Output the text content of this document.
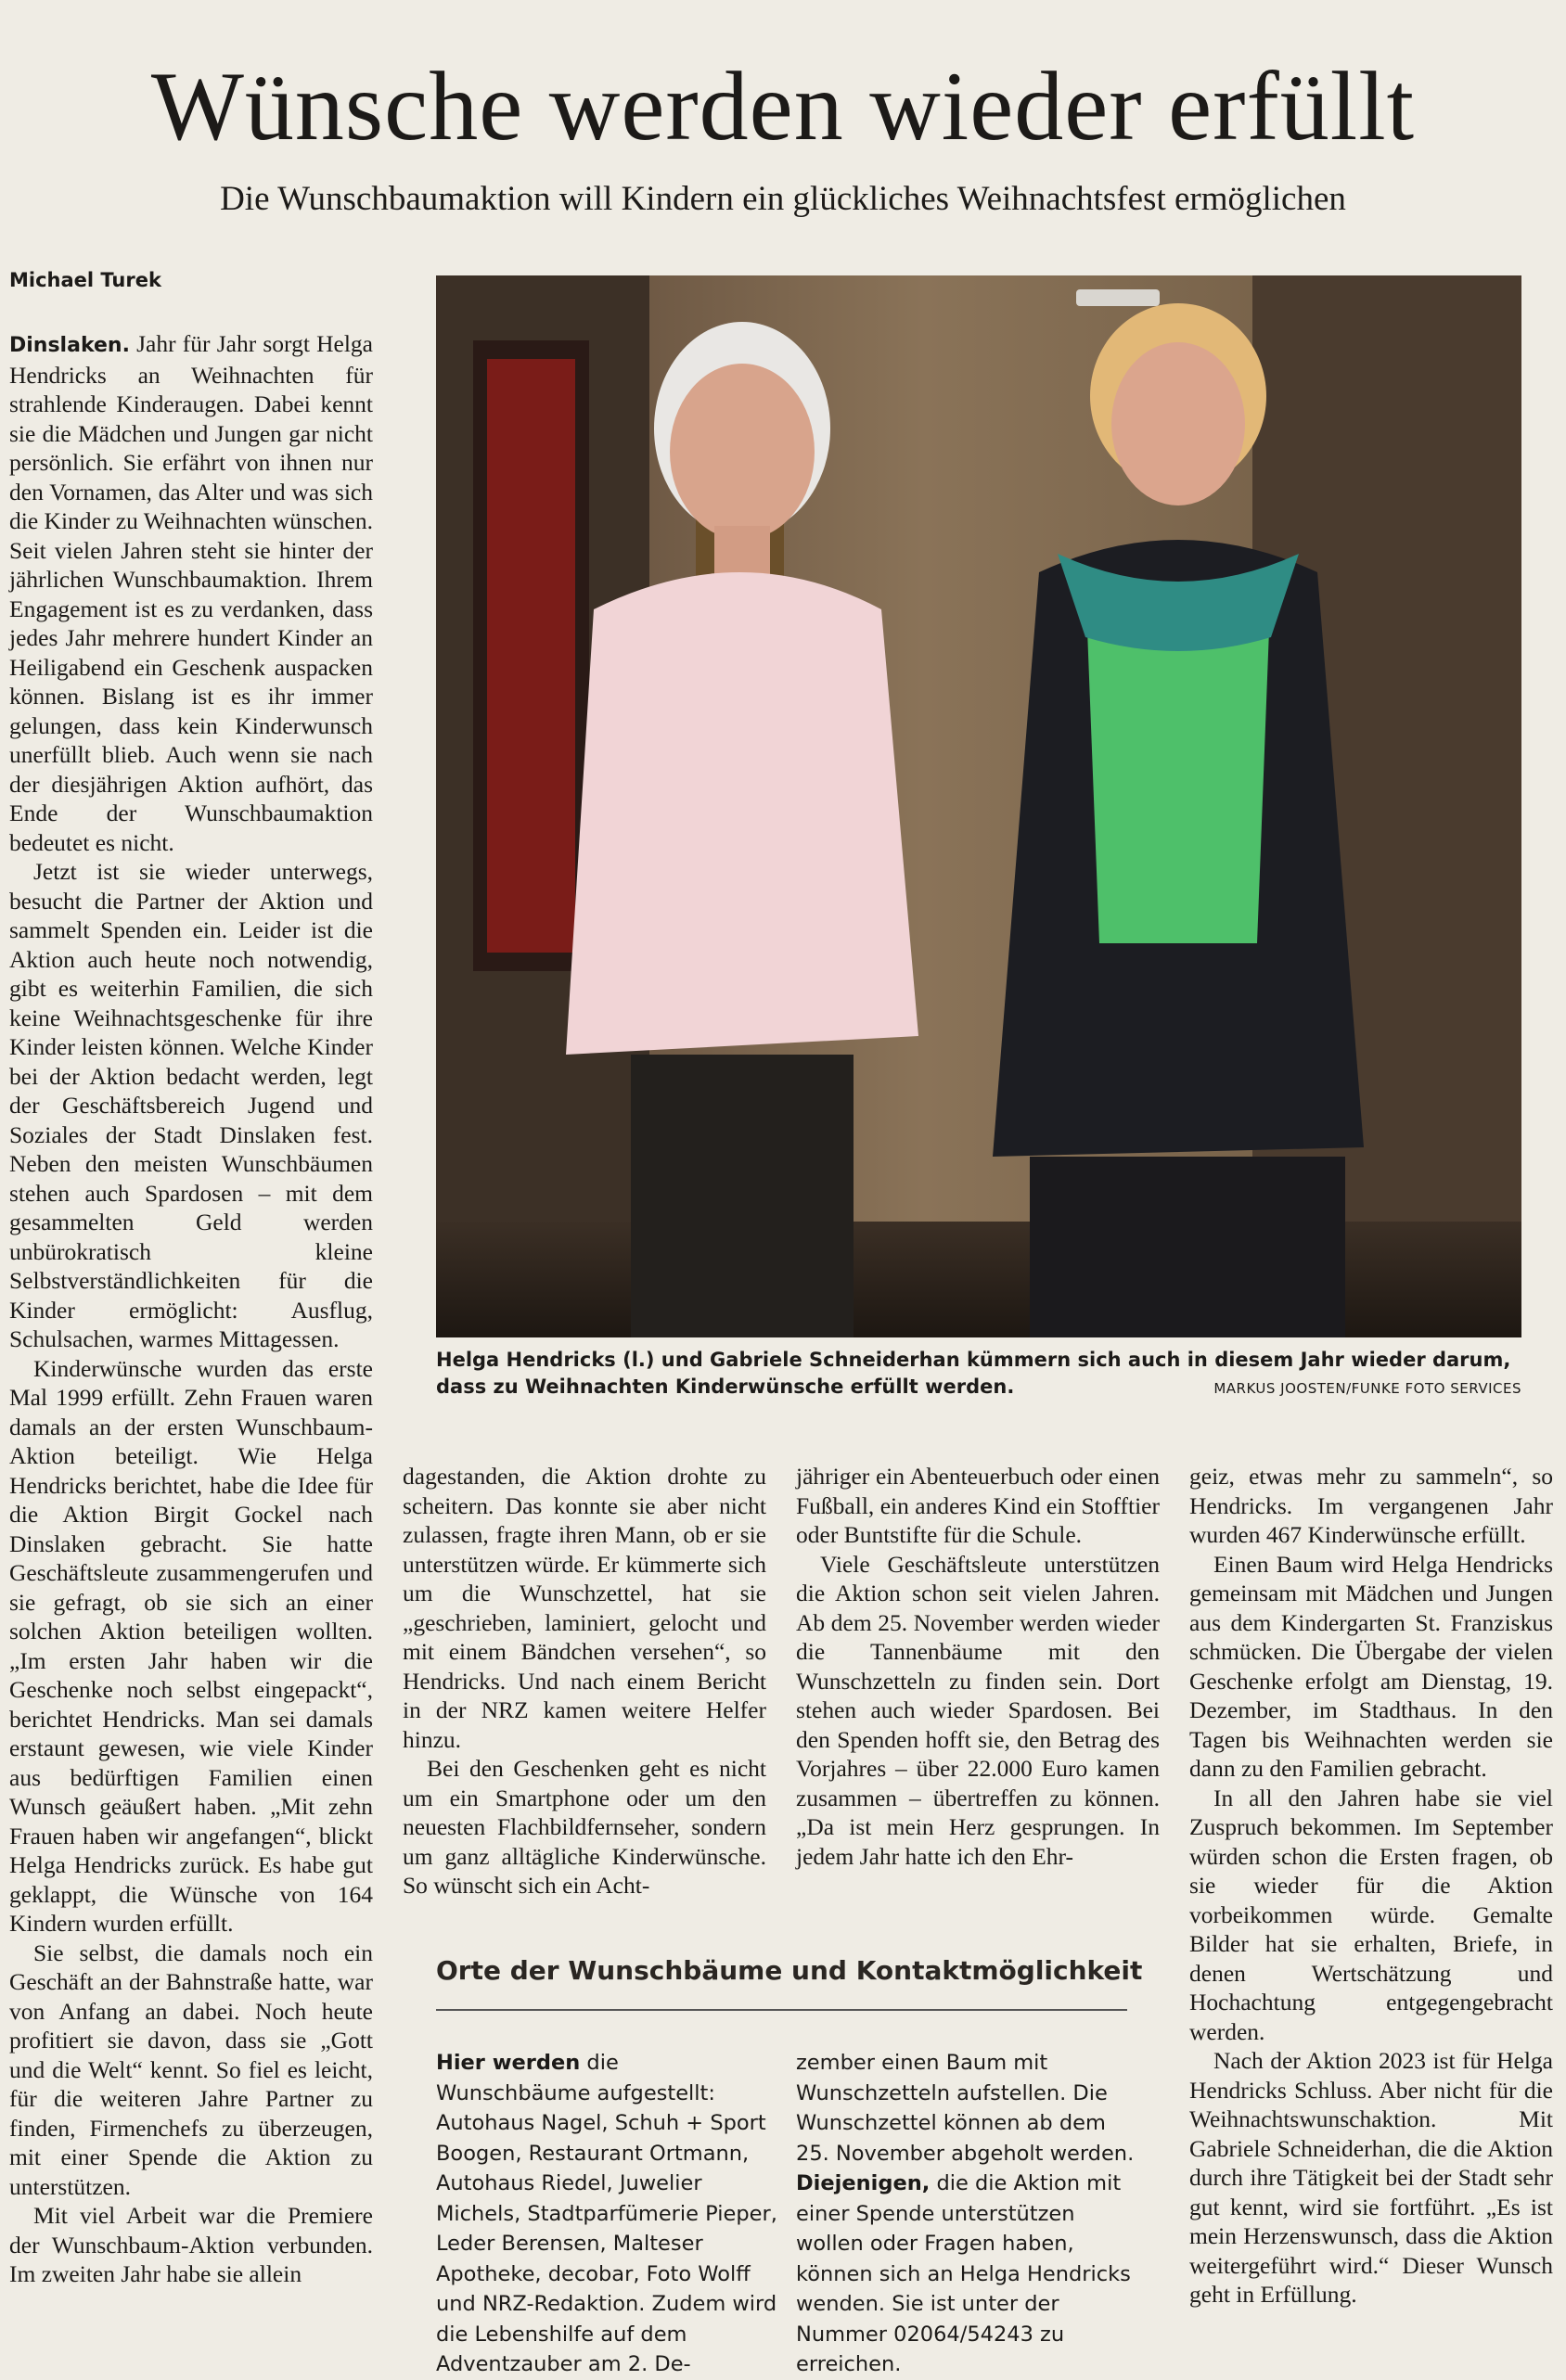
Wünsche werden wieder erfüllt
Die Wunschbaumaktion will Kindern ein glückliches Weihnachtsfest ermöglichen
Michael Turek

Dinslaken. Jahr für Jahr sorgt Helga Hendricks an Weihnachten für strahlende Kinderaugen. Dabei kennt sie die Mädchen und Jungen gar nicht persönlich. Sie erfährt von ihnen nur den Vornamen, das Alter und was sich die Kinder zu Weihnachten wünschen. Seit vielen Jahren steht sie hinter der jährlichen Wunschbaumaktion. Ihrem Engagement ist es zu verdanken, dass jedes Jahr mehrere hundert Kinder an Heiligabend ein Geschenk auspacken können. Bislang ist es ihr immer gelungen, dass kein Kinderwunsch unerfüllt blieb. Auch wenn sie nach der diesjährigen Aktion aufhört, das Ende der Wunschbaumaktion bedeutet es nicht.

Jetzt ist sie wieder unterwegs, besucht die Partner der Aktion und sammelt Spenden ein. Leider ist die Aktion auch heute noch notwendig, gibt es weiterhin Familien, die sich keine Weihnachtsgeschenke für ihre Kinder leisten können. Welche Kinder bei der Aktion bedacht werden, legt der Geschäftsbereich Jugend und Soziales der Stadt Dinslaken fest. Neben den meisten Wunschbäumen stehen auch Spardosen – mit dem gesammelten Geld werden unbürokratisch kleine Selbstverständlichkeiten für die Kinder ermöglicht: Ausflug, Schulsachen, warmes Mittagessen.

Kinderwünsche wurden das erste Mal 1999 erfüllt. Zehn Frauen waren damals an der ersten Wunschbaum-Aktion beteiligt. Wie Helga Hendricks berichtet, habe die Idee für die Aktion Birgit Gockel nach Dinslaken gebracht. Sie hatte Geschäftsleute zusammengerufen und sie gefragt, ob sie sich an einer solchen Aktion beteiligen wollten. „Im ersten Jahr haben wir die Geschenke noch selbst eingepackt“, berichtet Hendricks. Man sei damals erstaunt gewesen, wie viele Kinder aus bedürftigen Familien einen Wunsch geäußert haben. „Mit zehn Frauen haben wir angefangen“, blickt Helga Hendricks zurück. Es habe gut geklappt, die Wünsche von 164 Kindern wurden erfüllt.

Sie selbst, die damals noch ein Geschäft an der Bahnstraße hatte, war von Anfang an dabei. Noch heute profitiert sie davon, dass sie „Gott und die Welt“ kennt. So fiel es leicht, für die weiteren Jahre Partner zu finden, Firmenchefs zu überzeugen, mit einer Spende die Aktion zu unterstützen.

Mit viel Arbeit war die Premiere der Wunschbaum-Aktion verbunden. Im zweiten Jahr habe sie allein

Helga Hendricks (l.) und Gabriele Schneiderhan kümmern sich auch in diesem Jahr wieder darum, dass zu Weihnachten Kinderwünsche erfüllt werden.	MARKUS JOOSTEN/FUNKE FOTO SERVICES

dagestanden, die Aktion drohte zu scheitern. Das konnte sie aber nicht zulassen, fragte ihren Mann, ob er sie unterstützen würde. Er kümmerte sich um die Wunschzettel, hat sie „geschrieben, laminiert, gelocht und mit einem Bändchen versehen“, so Hendricks. Und nach einem Bericht in der NRZ kamen weitere Helfer hinzu.

Bei den Geschenken geht es nicht um ein Smartphone oder um den neuesten Flachbildfernseher, sondern um ganz alltägliche Kinderwünsche. So wünscht sich ein Acht-

jähriger ein Abenteuerbuch oder einen Fußball, ein anderes Kind ein Stofftier oder Buntstifte für die Schule.

Viele Geschäftsleute unterstützen die Aktion schon seit vielen Jahren. Ab dem 25. November werden wieder die Tannenbäume mit den Wunschzetteln zu finden sein. Dort stehen auch wieder Spardosen. Bei den Spenden hofft sie, den Betrag des Vorjahres – über 22.000 Euro kamen zusammen – übertreffen zu können. „Da ist mein Herz gesprungen. In jedem Jahr hatte ich den Ehr-

geiz, etwas mehr zu sammeln“, so Hendricks. Im vergangenen Jahr wurden 467 Kinderwünsche erfüllt.

Einen Baum wird Helga Hendricks gemeinsam mit Mädchen und Jungen aus dem Kindergarten St. Franziskus schmücken. Die Übergabe der vielen Geschenke erfolgt am Dienstag, 19. Dezember, im Stadthaus. In den Tagen bis Weihnachten werden sie dann zu den Familien gebracht.

In all den Jahren habe sie viel Zuspruch bekommen. Im September würden schon die Ersten fragen, ob sie wieder für die Aktion vorbeikommen würde. Gemalte Bilder hat sie erhalten, Briefe, in denen Wertschätzung und Hochachtung entgegengebracht werden.

Nach der Aktion 2023 ist für Helga Hendricks Schluss. Aber nicht für die Weihnachtswunschaktion. Mit Gabriele Schneiderhan, die die Aktion durch ihre Tätigkeit bei der Stadt sehr gut kennt, wird sie fortführt. „Es ist mein Herzenswunsch, dass die Aktion weitergeführt wird.“ Dieser Wunsch geht in Erfüllung.

Orte der Wunschbäume und Kontaktmöglichkeit
Hier werden die Wunschbäume aufgestellt: Autohaus Nagel, Schuh + Sport Boogen, Restaurant Ortmann, Autohaus Riedel, Juwelier Michels, Stadtparfümerie Pieper, Leder Berensen, Malteser Apotheke, decobar, Foto Wolff und NRZ-Redaktion. Zudem wird die Lebenshilfe auf dem Adventzauber am 2. De-
zember einen Baum mit Wunschzetteln aufstellen. Die Wunschzettel können ab dem 25. November abgeholt werden.
Diejenigen, die die Aktion mit einer Spende unterstützen wollen oder Fragen haben, können sich an Helga Hendricks wenden. Sie ist unter der Nummer 02064/54243 zu erreichen.
